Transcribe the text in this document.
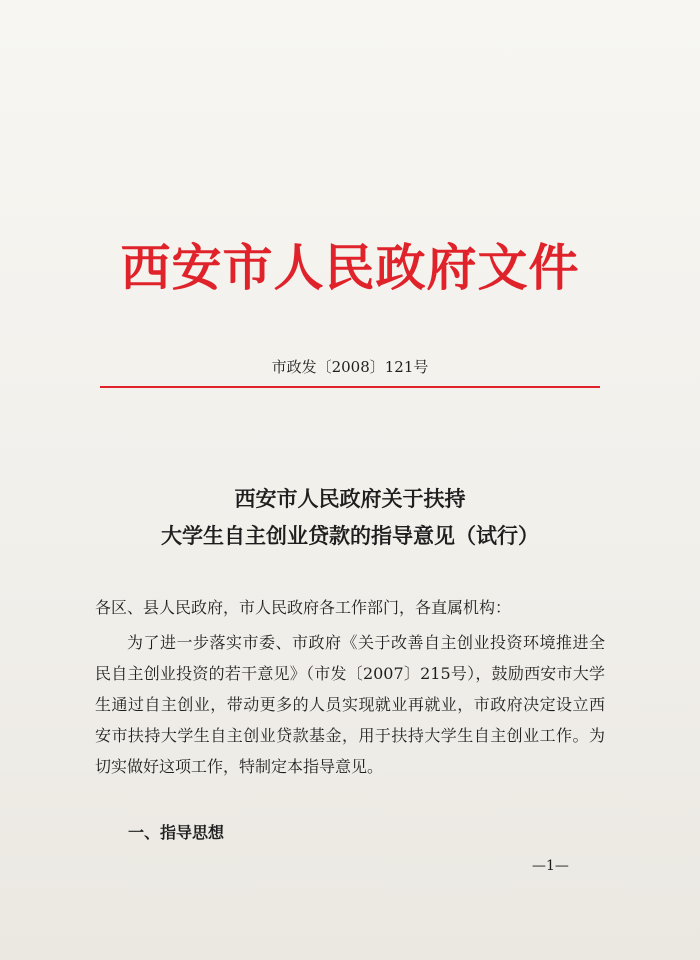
西安市人民政府文件
市政发〔2008〕121号
西安市人民政府关于扶持
大学生自主创业贷款的指导意见（试行）
各区、县人民政府，市人民政府各工作部门，各直属机构：
为了进一步落实市委、市政府《关于改善自主创业投资环境推进全民自主创业投资的若干意见》（市发〔2007〕215号），鼓励西安市大学生通过自主创业，带动更多的人员实现就业再就业，市政府决定设立西安市扶持大学生自主创业贷款基金，用于扶持大学生自主创业工作。为切实做好这项工作，特制定本指导意见。
一、指导思想
—1—
